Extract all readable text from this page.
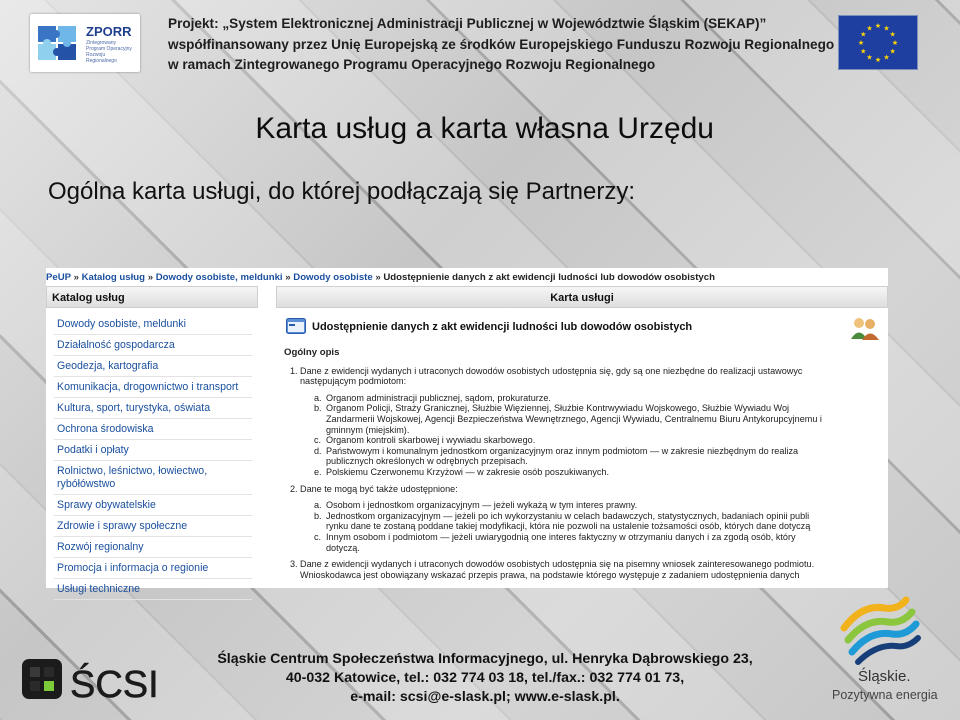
ZPORR
Zintegrowany Program Operacyjny Rozwoju Regionalnego
Projekt: „System Elektronicznej Administracji Publicznej w Województwie Śląskim (SEKAP)”
współfinansowany przez Unię Europejską ze środków Europejskiego Funduszu Rozwoju Regionalnego
w ramach Zintegrowanego Programu Operacyjnego Rozwoju Regionalnego
★ ★
★
★
★
★
★
★
★
★
★
★
Karta usług a karta własna Urzędu
Ogólna karta usługi, do której podłączają się Partnerzy:
PeUP » Katalog usług » Dowody osobiste, meldunki » Dowody osobiste » Udostępnienie danych z akt ewidencji ludności lub dowodów osobistych
Katalog usług
Dowody osobiste, meldunki
Działalność gospodarcza
Geodezja, kartografia
Komunikacja, drogownictwo i transport
Kultura, sport, turystyka, oświata
Ochrona środowiska
Podatki i opłaty
Rolnictwo, leśnictwo, łowiectwo, rybółówstwo
Sprawy obywatelskie
Zdrowie i sprawy społeczne
Rozwój regionalny
Promocja i informacja o regionie
Usługi techniczne
Karta usługi
Udostępnienie danych z akt ewidencji ludności lub dowodów osobistych
Ogólny opis
1. Dane z ewidencji wydanych i utraconych dowodów osobistych udostępnia się, gdy są one niezbędne do realizacji ustawowyc
następującym podmiotom:
a. Organom administracji publicznej, sądom, prokuraturze.
b. Organom Policji, Straży Granicznej, Służbie Więziennej, Służbie Kontrwywiadu Wojskowego, Służbie Wywiadu Woj
Zandarmerii Wojskowej, Agencji Bezpieczeństwa Wewnętrznego, Agencji Wywiadu, Centralnemu Biuru Antykorupcyjnemu i
gminnym (miejskim).
c. Organom kontroli skarbowej i wywiadu skarbowego.
d. Państwowym i komunalnym jednostkom organizacyjnym oraz innym podmiotom — w zakresie niezbędnym do realiza
publicznych określonych w odrębnych przepisach.
e. Polskiemu Czerwonemu Krzyżowi — w zakresie osób poszukiwanych.
2. Dane te mogą być także udostępnione:
a. Osobom i jednostkom organizacyjnym — jeżeli wykażą w tym interes prawny.
b. Jednostkom organizacyjnym — jeżeli po ich wykorzystaniu w celach badawczych, statystycznych, badaniach opinii publi
rynku dane te zostaną poddane takiej modyfikacji, która nie pozwoli na ustalenie tożsamości osób, których dane dotyczą
c. Innym osobom i podmiotom — jeżeli uwiarygodnią one interes faktyczny w otrzymaniu danych i za zgodą osób, który
dotyczą.
3. Dane z ewidencji wydanych i utraconych dowodów osobistych udostępnia się na pisemny wniosek zainteresowanego podmiotu.
Wnioskodawca jest obowiązany wskazać przepis prawa, na podstawie którego występuje z zadaniem udostępnienia danych
ŚCSI
Śląskie Centrum Społeczeństwa Informacyjnego, ul. Henryka Dąbrowskiego 23,
40-032 Katowice, tel.: 032 774 03 18, tel./fax.: 032 774 01 73,
e-mail: scsi@e-slask.pl; www.e-slask.pl.
Śląskie.
Pozytywna energia
